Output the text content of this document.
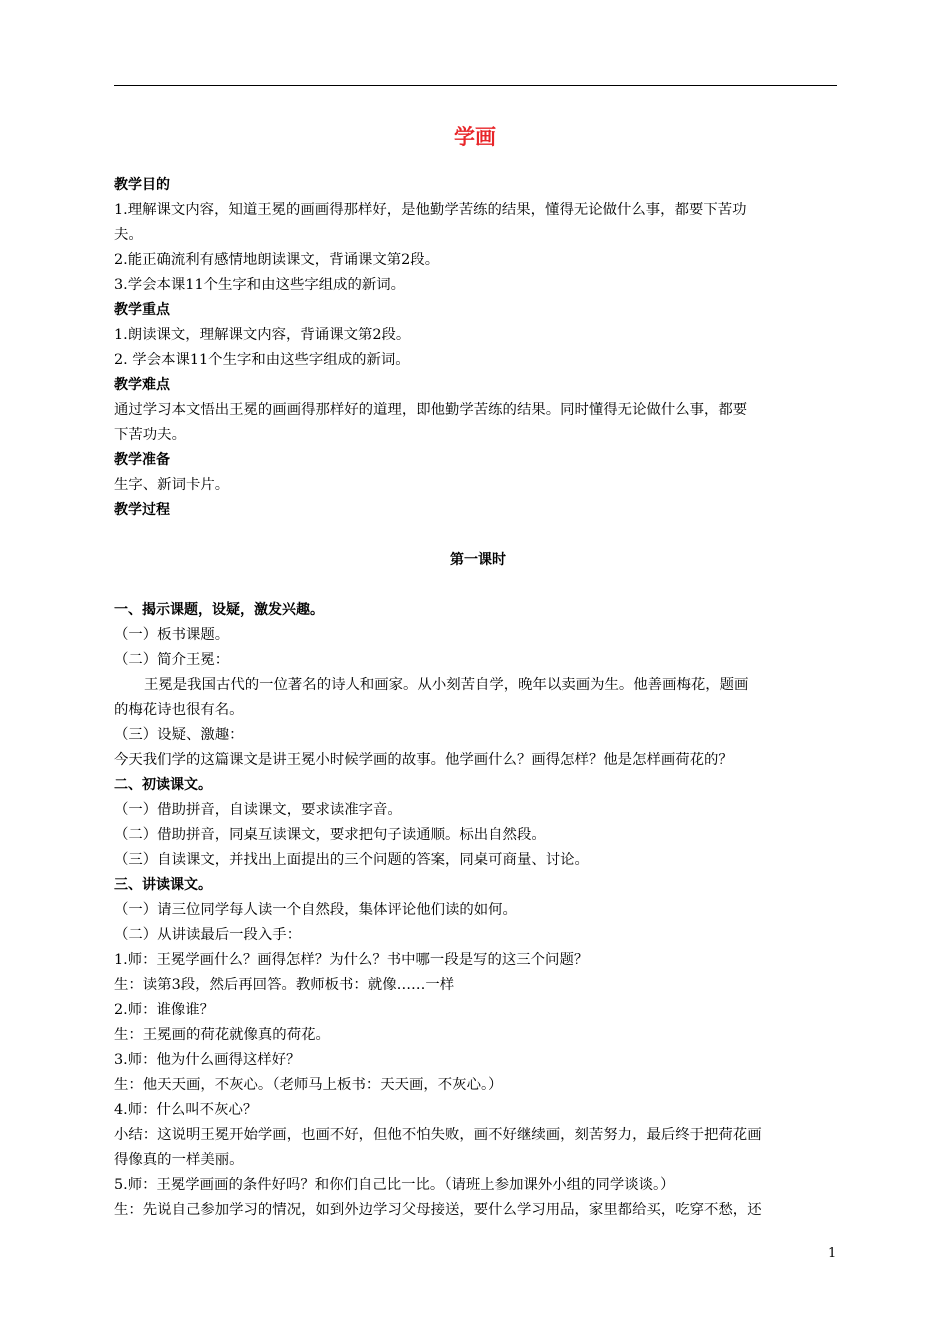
学画
教学目的
1.理解课文内容，知道王冕的画画得那样好，是他勤学苦练的结果，懂得无论做什么事，都要下苦功
夫。
2.能正确流利有感情地朗读课文，背诵课文第2段。
3.学会本课11个生字和由这些字组成的新词。
教学重点
1.朗读课文，理解课文内容，背诵课文第2段。
2. 学会本课11个生字和由这些字组成的新词。
教学难点
通过学习本文悟出王冕的画画得那样好的道理，即他勤学苦练的结果。同时懂得无论做什么事，都要
下苦功夫。
教学准备
生字、新词卡片。
教学过程
第一课时
一、揭示课题，设疑，激发兴趣。
（一）板书课题。
（二）简介王冕：
王冕是我国古代的一位著名的诗人和画家。从小刻苦自学，晚年以卖画为生。他善画梅花，题画
的梅花诗也很有名。
（三）设疑、激趣：
今天我们学的这篇课文是讲王冕小时候学画的故事。他学画什么？画得怎样？他是怎样画荷花的？
二、初读课文。
（一）借助拼音，自读课文，要求读准字音。
（二）借助拼音，同桌互读课文，要求把句子读通顺。标出自然段。
（三）自读课文，并找出上面提出的三个问题的答案，同桌可商量、讨论。
三、讲读课文。
（一）请三位同学每人读一个自然段，集体评论他们读的如何。
（二）从讲读最后一段入手：
1.师：王冕学画什么？画得怎样？为什么？书中哪一段是写的这三个问题？
生：读第3段，然后再回答。教师板书：就像……一样
2.师：谁像谁？
生：王冕画的荷花就像真的荷花。
3.师：他为什么画得这样好？
生：他天天画，不灰心。（老师马上板书：天天画，不灰心。）
4.师：什么叫不灰心？
小结：这说明王冕开始学画，也画不好，但他不怕失败，画不好继续画，刻苦努力，最后终于把荷花画
得像真的一样美丽。
5.师：王冕学画画的条件好吗？和你们自己比一比。（请班上参加课外小组的同学谈谈。）
生：先说自己参加学习的情况，如到外边学习父母接送，要什么学习用品，家里都给买，吃穿不愁，还
1
